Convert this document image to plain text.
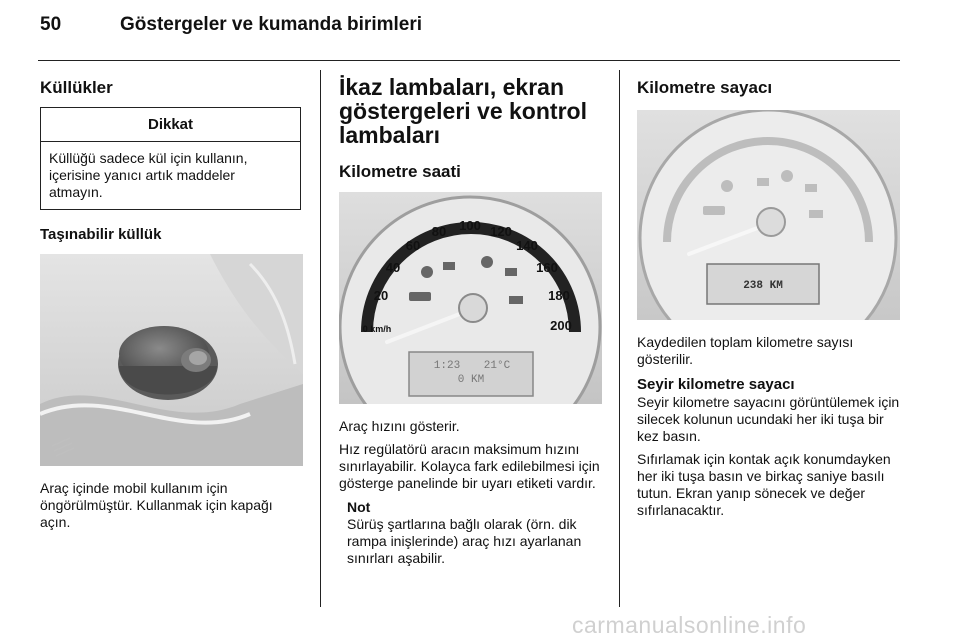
50	Göstergeler ve kumanda birimleri
Küllükler
Dikkat
Küllüğü sadece kül için kullanın, içerisine yanıcı artık maddeler atmayın.
Taşınabilir küllük

Araç içinde mobil kullanım için öngörülmüştür. Kullanmak için kapağı açın.

İkaz lambaları, ekran göstergeleri ve kontrol lambaları
Kilometre saati
0 km/h
20
40
60
80 100 120
140
160
180
200
1:23 21°C
0 KM

Araç hızını gösterir.

Hız regülatörü aracın maksimum hızını sınırlayabilir. Kolayca fark edilebilmesi için gösterge panelinde bir uyarı etiketi vardır.

Not

Sürüş şartlarına bağlı olarak (örn. dik rampa inişlerinde) araç hızı ayarlanan sınırları aşabilir.

Kilometre sayacı
238 KM

Kaydedilen toplam kilometre sayısı gösterilir.

Seyir kilometre sayacı

Seyir kilometre sayacını görüntülemek için silecek kolunun ucundaki her iki tuşa bir kez basın.

Sıfırlamak için kontak açık konumdayken her iki tuşa basın ve birkaç saniye basılı tutun. Ekran yanıp sönecek ve değer sıfırlanacaktır.

carmanualsonline.info
